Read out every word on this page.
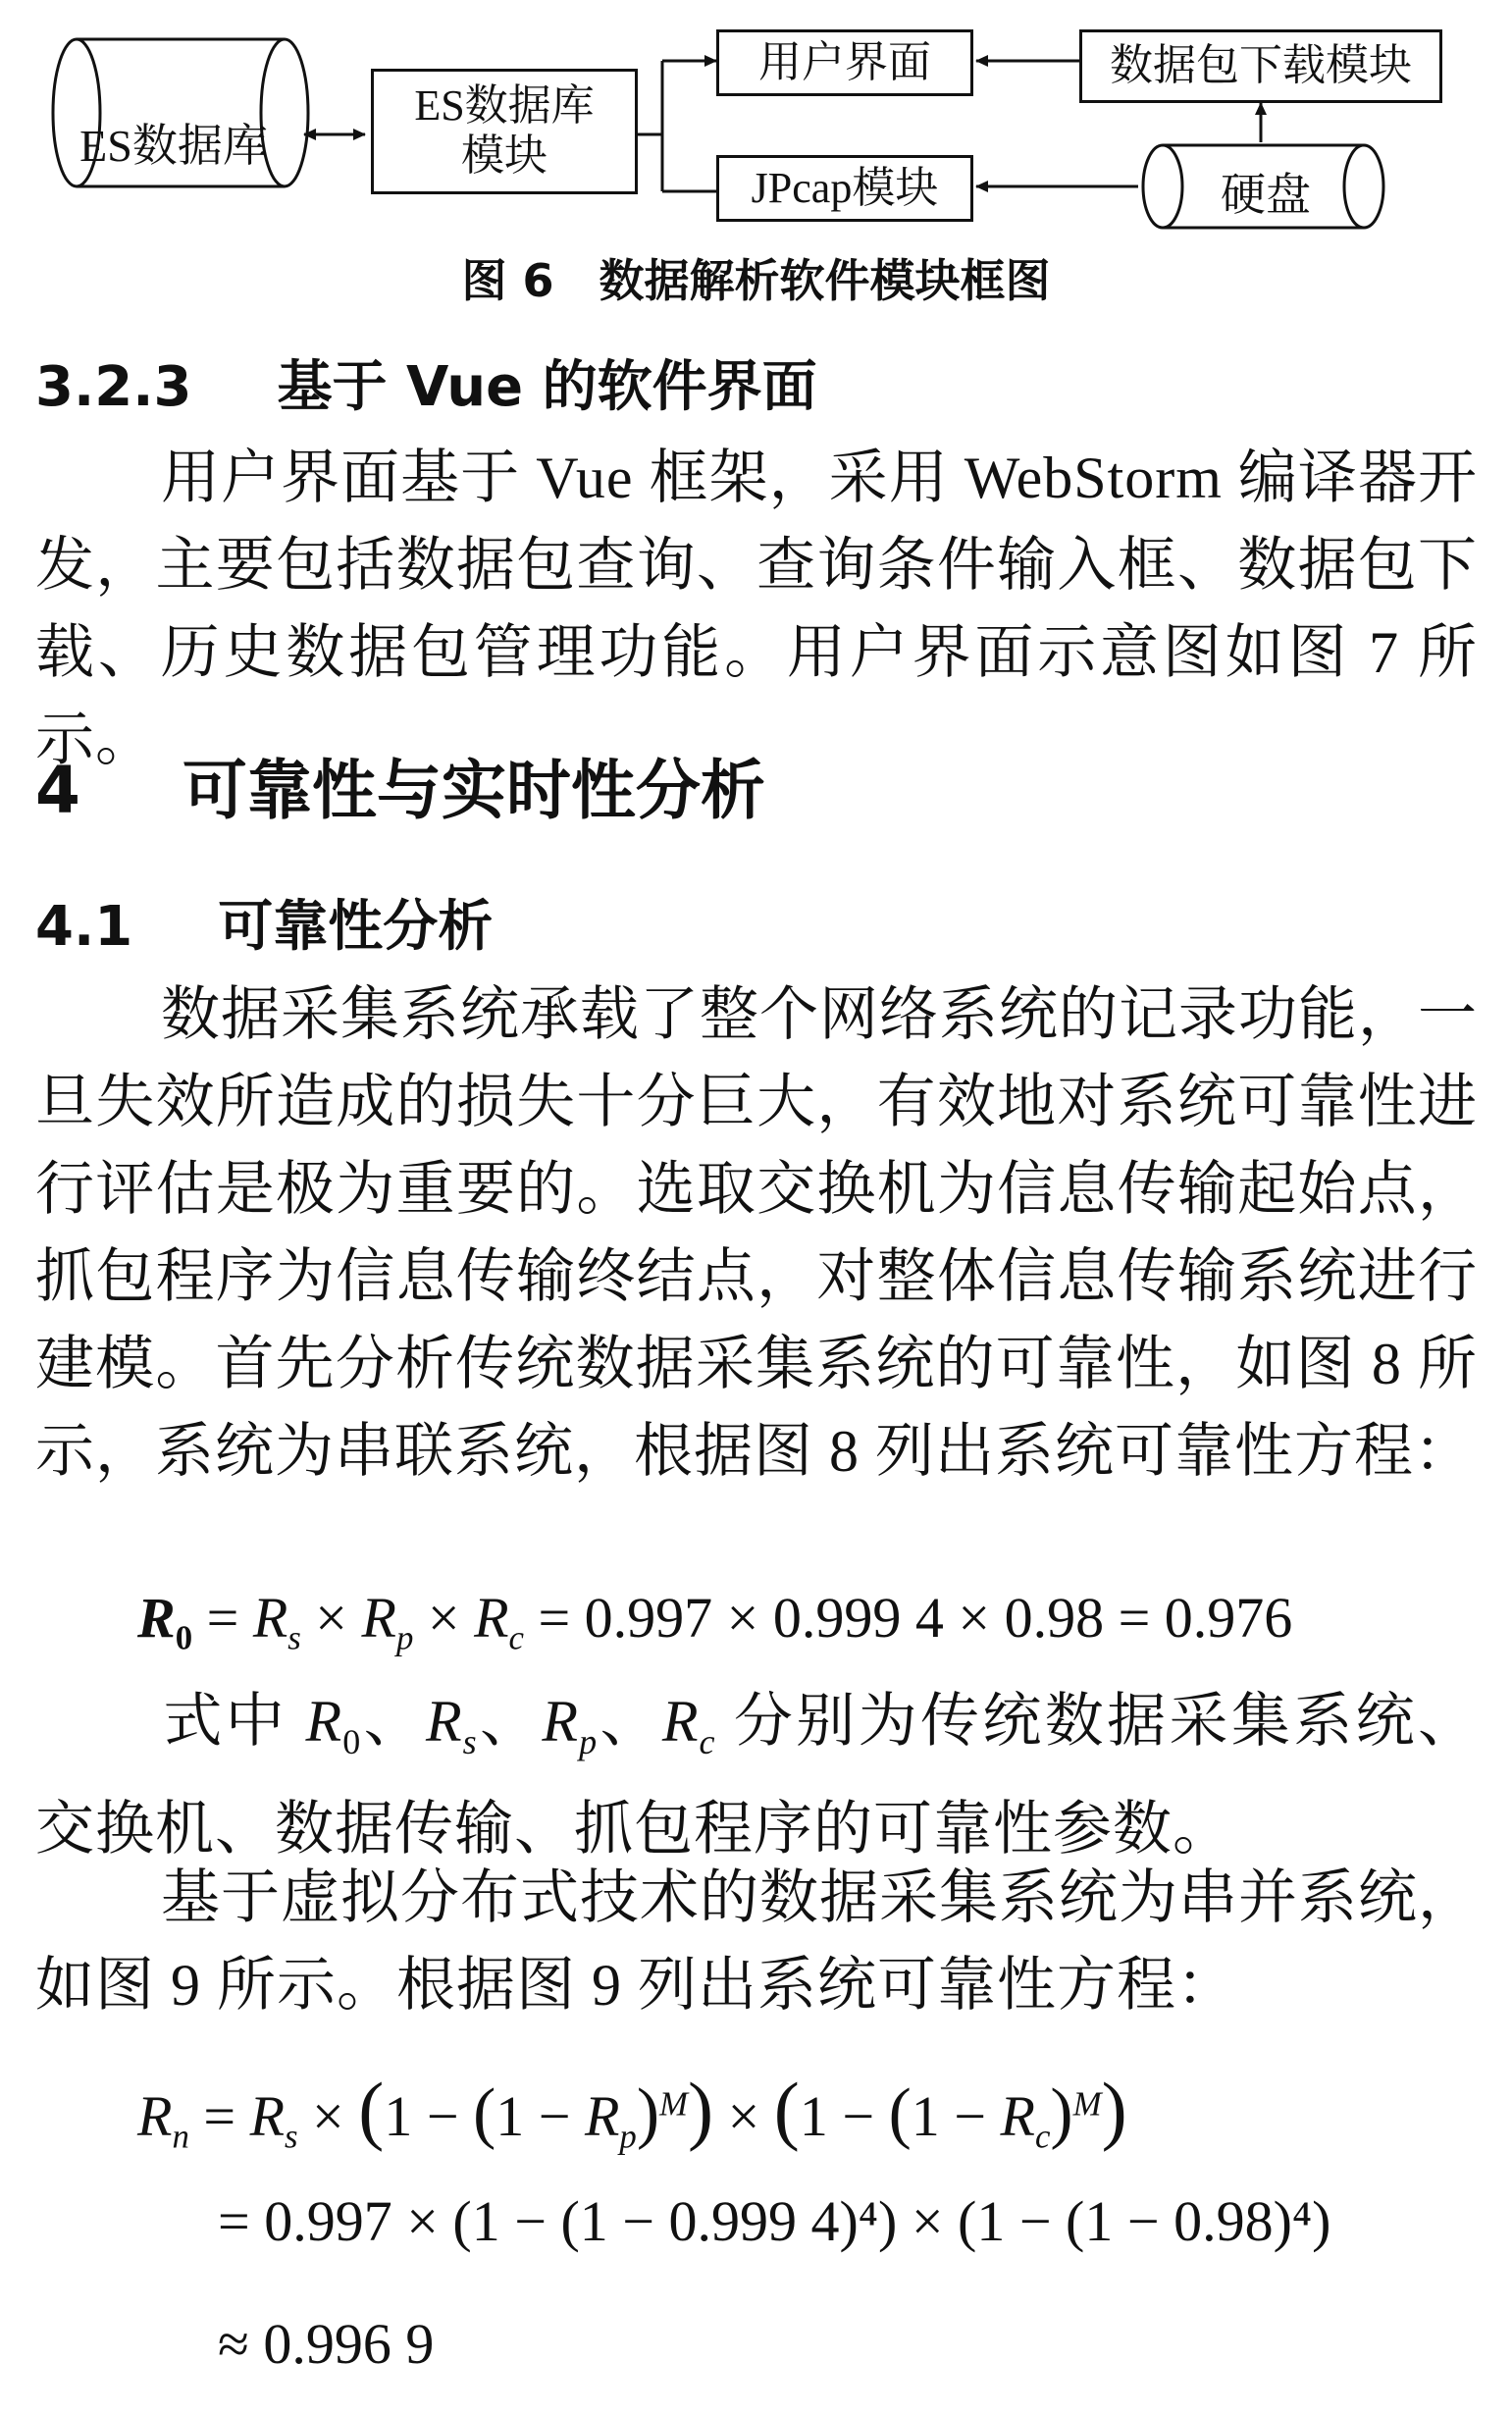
ES数据库
ES数据库
模块
用户界面	数据包下载模块
JPcap模块	硬盘
图 6　数据解析软件模块框图
3.2.3 基于 Vue 的软件界面
用户界面基于 Vue 框架，采用 WebStorm 编译器开发，主要包括数据包查询、查询条件输入框、数据包下载、历史数据包管理功能。用户界面示意图如图 7 所示。
4 可靠性与实时性分析
4.1 可靠性分析
数据采集系统承载了整个网络系统的记录功能，一旦失效所造成的损失十分巨大，有效地对系统可靠性进行评估是极为重要的。选取交换机为信息传输起始点，抓包程序为信息传输终结点，对整体信息传输系统进行建模。首先分析传统数据采集系统的可靠性，如图 8 所示，系统为串联系统，根据图 8 列出系统可靠性方程：
$R_0 = R_s \times R_p \times R_c = 0.997 \times 0.999$ 4 × 0.98 = 0.976
式中 $R_0$、$R_s$、$R_p$、$R_c$ 分别为传统数据采集系统、交换机、数据传输、抓包程序的可靠性参数。
基于虚拟分布式技术的数据采集系统为串并系统，如图 9 所示。根据图 9 列出系统可靠性方程：
$R_n = R_s \times (1 - (1 - R_p)^M) \times (1 - (1 - R_c)^M)$
= 0.997 × (1 − (1 − 0.999 4)⁴) × (1 − (1 − 0.98)⁴)
≈ 0.996 9
